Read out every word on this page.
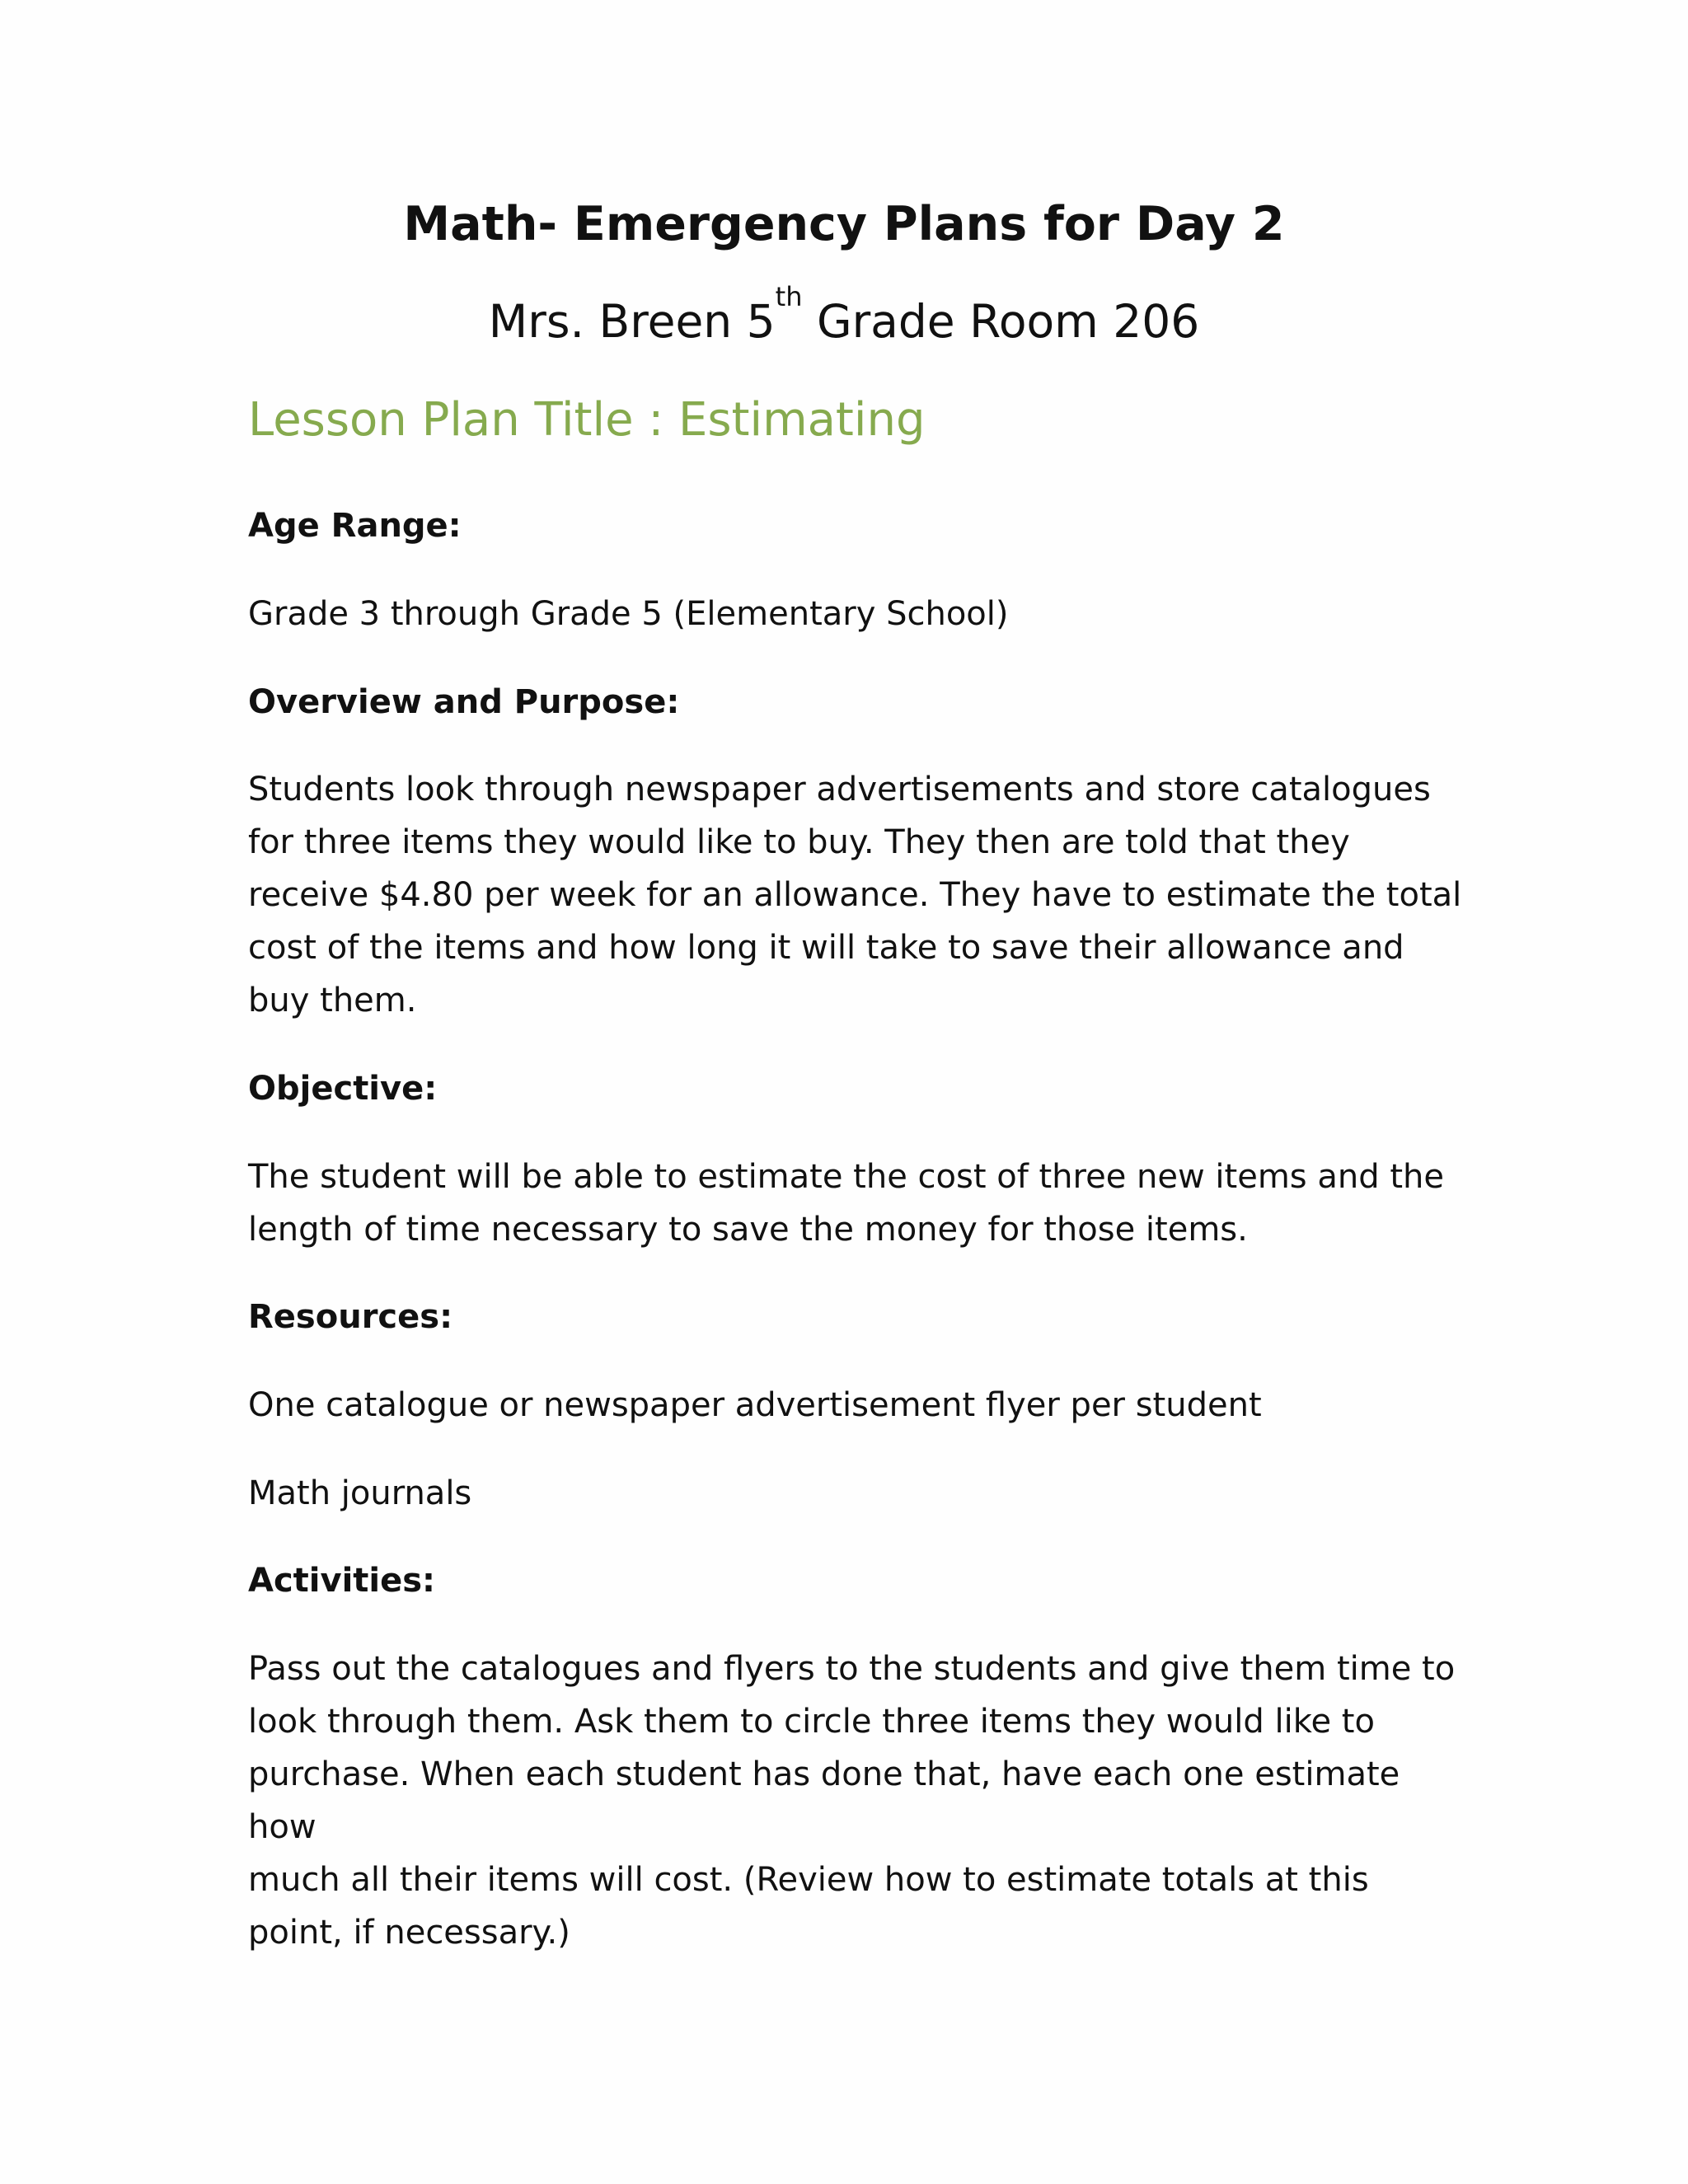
Math- Emergency Plans for Day 2
Mrs. Breen 5th Grade Room 206
Lesson Plan Title : Estimating
Age Range:
Grade 3 through Grade 5 (Elementary School)
Overview and Purpose:
Students look through newspaper advertisements and store catalogues
for three items they would like to buy. They then are told that they
receive $4.80 per week for an allowance. They have to estimate the total
cost of the items and how long it will take to save their allowance and
buy them.
Objective:
The student will be able to estimate the cost of three new items and the
length of time necessary to save the money for those items.
Resources:
One catalogue or newspaper advertisement flyer per student
Math journals
Activities:
Pass out the catalogues and flyers to the students and give them time to
look through them. Ask them to circle three items they would like to
purchase. When each student has done that, have each one estimate how
much all their items will cost. (Review how to estimate totals at this
point, if necessary.)
